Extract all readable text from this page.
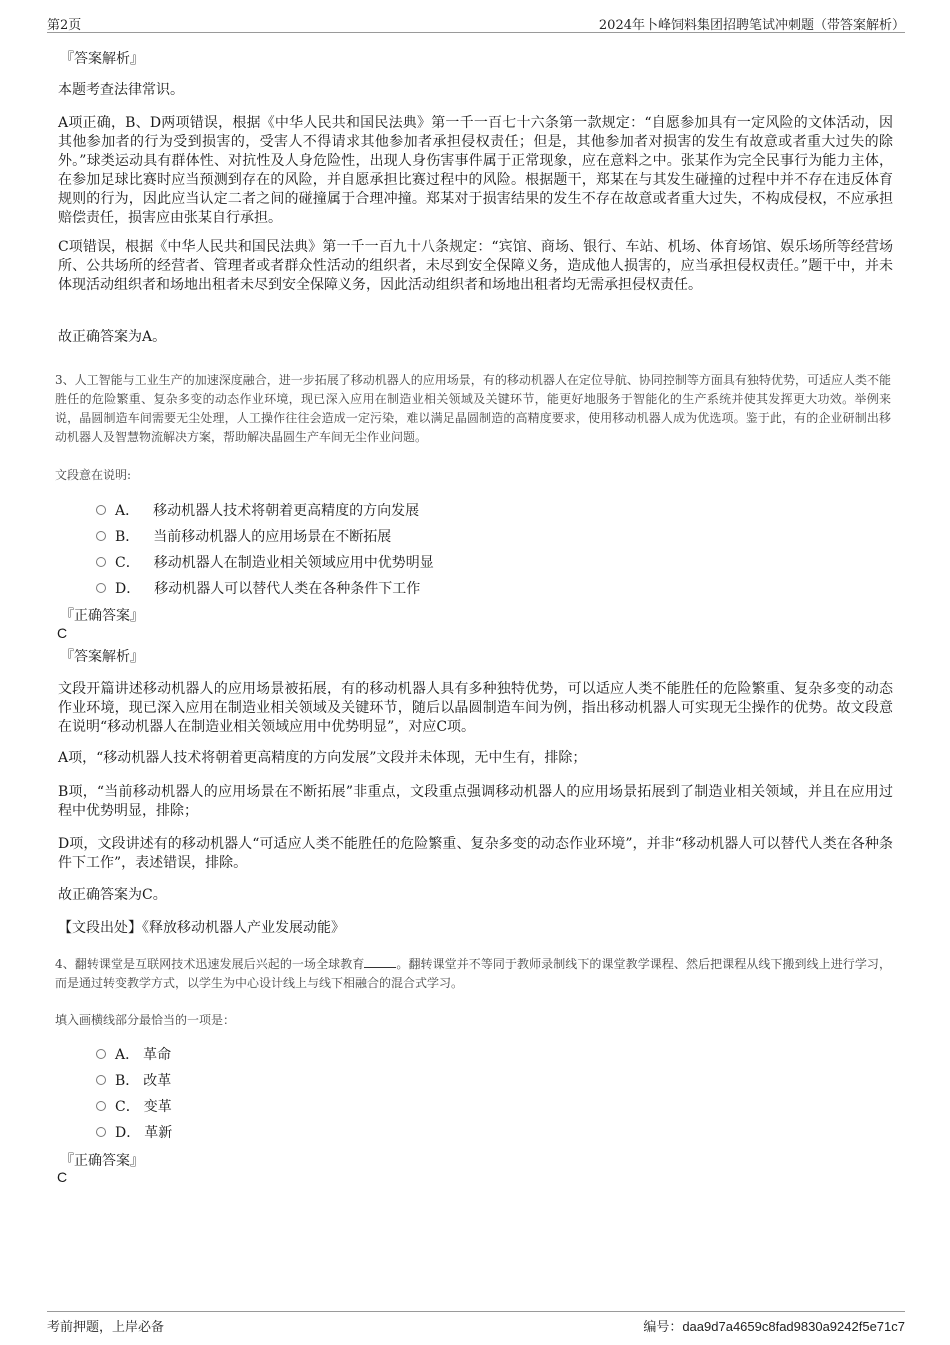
第2页	2024年卜峰饲料集团招聘笔试冲刺题（带答案解析）
『答案解析』

本题考查法律常识。

A项正确，B、D两项错误，根据《中华人民共和国民法典》第一千一百七十六条第一款规定：“自愿参加具有一定风险的文体活动，因其他参加者的行为受到损害的，受害人不得请求其他参加者承担侵权责任；但是，其他参加者对损害的发生有故意或者重大过失的除外。”球类运动具有群体性、对抗性及人身危险性，出现人身伤害事件属于正常现象，应在意料之中。张某作为完全民事行为能力主体，在参加足球比赛时应当预测到存在的风险，并自愿承担比赛过程中的风险。根据题干，郑某在与其发生碰撞的过程中并不存在违反体育规则的行为，因此应当认定二者之间的碰撞属于合理冲撞。郑某对于损害结果的发生不存在故意或者重大过失，不构成侵权，不应承担赔偿责任，损害应由张某自行承担。

C项错误，根据《中华人民共和国民法典》第一千一百九十八条规定：“宾馆、商场、银行、车站、机场、体育场馆、娱乐场所等经营场所、公共场所的经营者、管理者或者群众性活动的组织者，未尽到安全保障义务，造成他人损害的，应当承担侵权责任。”题干中，并未体现活动组织者和场地出租者未尽到安全保障义务，因此活动组织者和场地出租者均无需承担侵权责任。

故正确答案为A。

3、人工智能与工业生产的加速深度融合，进一步拓展了移动机器人的应用场景，有的移动机器人在定位导航、协同控制等方面具有独特优势，可适应人类不能胜任的危险繁重、复杂多变的动态作业环境，现已深入应用在制造业相关领域及关键环节，能更好地服务于智能化的生产系统并使其发挥更大功效。举例来说，晶圆制造车间需要无尘处理，人工操作往往会造成一定污染，难以满足晶圆制造的高精度要求，使用移动机器人成为优选项。鉴于此，有的企业研制出移动机器人及智慧物流解决方案，帮助解决晶圆生产车间无尘作业问题。

文段意在说明:
A． 移动机器人技术将朝着更高精度的方向发展
B． 当前移动机器人的应用场景在不断拓展
C． 移动机器人在制造业相关领域应用中优势明显
D． 移动机器人可以替代人类在各种条件下工作
『正确答案』
C
『答案解析』

文段开篇讲述移动机器人的应用场景被拓展，有的移动机器人具有多种独特优势，可以适应人类不能胜任的危险繁重、复杂多变的动态作业环境，现已深入应用在制造业相关领域及关键环节，随后以晶圆制造车间为例，指出移动机器人可实现无尘操作的优势。故文段意在说明“移动机器人在制造业相关领域应用中优势明显”，对应C项。

A项，“移动机器人技术将朝着更高精度的方向发展”文段并未体现，无中生有，排除；

B项，“当前移动机器人的应用场景在不断拓展”非重点，文段重点强调移动机器人的应用场景拓展到了制造业相关领域，并且在应用过程中优势明显，排除；

D项，文段讲述有的移动机器人“可适应人类不能胜任的危险繁重、复杂多变的动态作业环境”，并非“移动机器人可以替代人类在各种条件下工作”，表述错误，排除。

故正确答案为C。

【文段出处】《释放移动机器人产业发展动能》

4、翻转课堂是互联网技术迅速发展后兴起的一场全球教育	。翻转课堂并不等同于教师录制线下的课堂教学课程、然后把课程从线下搬到线上进行学习，而是通过转变教学方式，以学生为中心设计线上与线下相融合的混合式学习。

填入画横线部分最恰当的一项是：
A． 革命
B． 改革
C． 变革
D． 革新
『正确答案』
C
考前押题，上岸必备	编号：daa9d7a4659c8fad9830a9242f5e71c7
